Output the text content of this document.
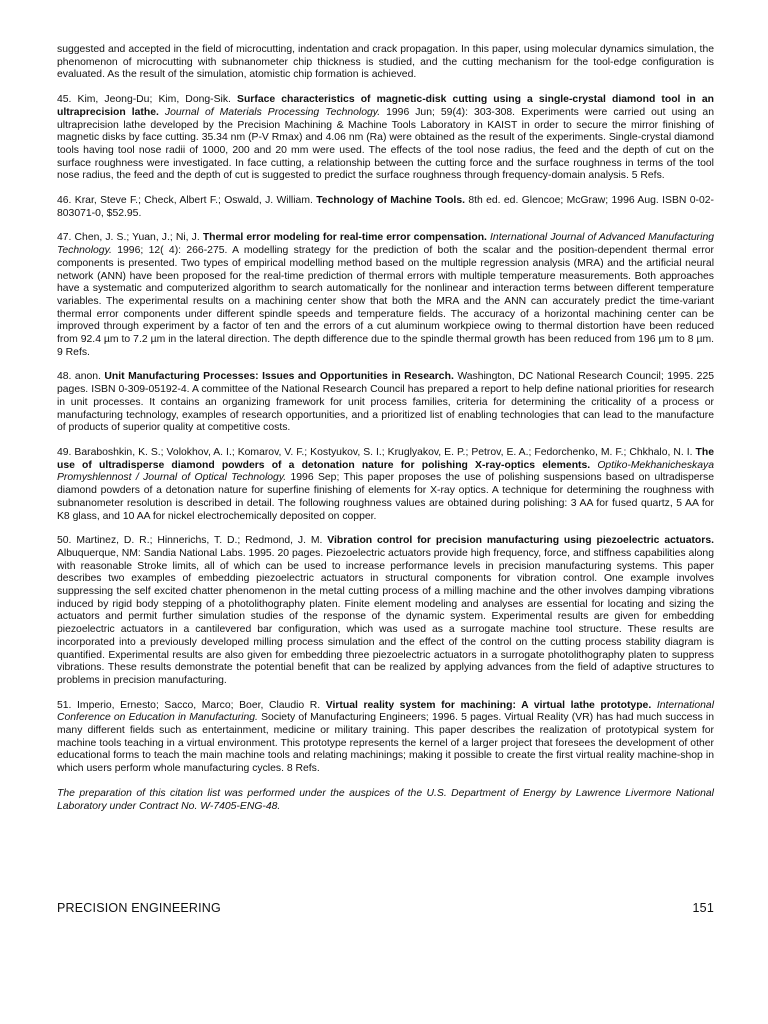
suggested and accepted in the field of microcutting, indentation and crack propagation. In this paper, using molecular dynamics simulation, the phenomenon of microcutting with subnanometer chip thickness is studied, and the cutting mechanism for the tool-edge configuration is evaluated. As the result of the simulation, atomistic chip formation is achieved.

45. Kim, Jeong-Du; Kim, Dong-Sik. Surface characteristics of magnetic-disk cutting using a single-crystal diamond tool in an ultraprecision lathe. Journal of Materials Processing Technology. 1996 Jun; 59(4): 303-308. Experiments were carried out using an ultraprecision lathe developed by the Precision Machining & Machine Tools Laboratory in KAIST in order to secure the mirror finishing of magnetic disks by face cutting. 35.34 nm (P-V Rmax) and 4.06 nm (Ra) were obtained as the result of the experiments. Single-crystal diamond tools having tool nose radii of 1000, 200 and 20 mm were used. The effects of the tool nose radius, the feed and the depth of cut on the surface roughness were investigated. In face cutting, a relationship between the cutting force and the surface roughness in terms of the tool nose radius, the feed and the depth of cut is suggested to predict the surface roughness through frequency-domain analysis. 5 Refs.
46. Krar, Steve F.; Check, Albert F.; Oswald, J. William. Technology of Machine Tools. 8th ed. ed. Glencoe; McGraw; 1996 Aug. ISBN 0-02-803071-0, $52.95.
47. Chen, J. S.; Yuan, J.; Ni, J. Thermal error modeling for real-time error compensation. International Journal of Advanced Manufacturing Technology. 1996; 12( 4): 266-275. A modelling strategy for the prediction of both the scalar and the position-dependent thermal error components is presented. Two types of empirical modelling method based on the multiple regression analysis (MRA) and the artificial neural network (ANN) have been proposed for the real-time prediction of thermal errors with multiple temperature measurements. Both approaches have a systematic and computerized algorithm to search automatically for the nonlinear and interaction terms between different temperature variables. The experimental results on a machining center show that both the MRA and the ANN can accurately predict the time-variant thermal error components under different spindle speeds and temperature fields. The accuracy of a horizontal machining center can be improved through experiment by a factor of ten and the errors of a cut aluminum workpiece owing to thermal distortion have been reduced from 92.4 µm to 7.2 µm in the lateral direction. The depth difference due to the spindle thermal growth has been reduced from 196 µm to 8 µm. 9 Refs.
48. anon. Unit Manufacturing Processes: Issues and Opportunities in Research. Washington, DC National Research Council; 1995. 225 pages. ISBN 0-309-05192-4. A committee of the National Research Council has prepared a report to help define national priorities for research in unit processes. It contains an organizing framework for unit process families, criteria for determining the criticality of a process or manufacturing technology, examples of research opportunities, and a prioritized list of enabling technologies that can lead to the manufacture of products of superior quality at competitive costs.
49. Baraboshkin, K. S.; Volokhov, A. I.; Komarov, V. F.; Kostyukov, S. I.; Kruglyakov, E. P.; Petrov, E. A.; Fedorchenko, M. F.; Chkhalo, N. I. The use of ultradisperse diamond powders of a detonation nature for polishing X-ray-optics elements. Optiko-Mekhanicheskaya Promyshlennost / Journal of Optical Technology. 1996 Sep; This paper proposes the use of polishing suspensions based on ultradisperse diamond powders of a detonation nature for superfine finishing of elements for X-ray optics. A technique for determining the roughness with subnanometer resolution is described in detail. The following roughness values are obtained during polishing: 3 AA for fused quartz, 5 AA for K8 glass, and 10 AA for nickel electrochemically deposited on copper.
50. Martinez, D. R.; Hinnerichs, T. D.; Redmond, J. M. Vibration control for precision manufacturing using piezoelectric actuators. Albuquerque, NM: Sandia National Labs. 1995. 20 pages. Piezoelectric actuators provide high frequency, force, and stiffness capabilities along with reasonable Stroke limits, all of which can be used to increase performance levels in precision manufacturing systems. This paper describes two examples of embedding piezoelectric actuators in structural components for vibration control. One example involves suppressing the self excited chatter phenomenon in the metal cutting process of a milling machine and the other involves damping vibrations induced by rigid body stepping of a photolithography platen. Finite element modeling and analyses are essential for locating and sizing the actuators and permit further simulation studies of the response of the dynamic system. Experimental results are given for embedding piezoelectric actuators in a cantilevered bar configuration, which was used as a surrogate machine tool structure. These results are incorporated into a previously developed milling process simulation and the effect of the control on the cutting process stability diagram is quantified. Experimental results are also given for embedding three piezoelectric actuators in a surrogate photolithography platen to suppress vibrations. These results demonstrate the potential benefit that can be realized by applying advances from the field of adaptive structures to problems in precision manufacturing.
51. Imperio, Ernesto; Sacco, Marco; Boer, Claudio R. Virtual reality system for machining: A virtual lathe prototype. International Conference on Education in Manufacturing. Society of Manufacturing Engineers; 1996. 5 pages. Virtual Reality (VR) has had much success in many different fields such as entertainment, medicine or military training. This paper describes the realization of prototypical system for machine tools teaching in a virtual environment. This prototype represents the kernel of a larger project that foresees the development of other educational forms to teach the main machine tools and relating machinings; making it possible to create the first virtual reality machine-shop in which users perform whole manufacturing cycles. 8 Refs.

The preparation of this citation list was performed under the auspices of the U.S. Department of Energy by Lawrence Livermore National Laboratory under Contract No. W-7405-ENG-48.

PRECISION ENGINEERING	151
